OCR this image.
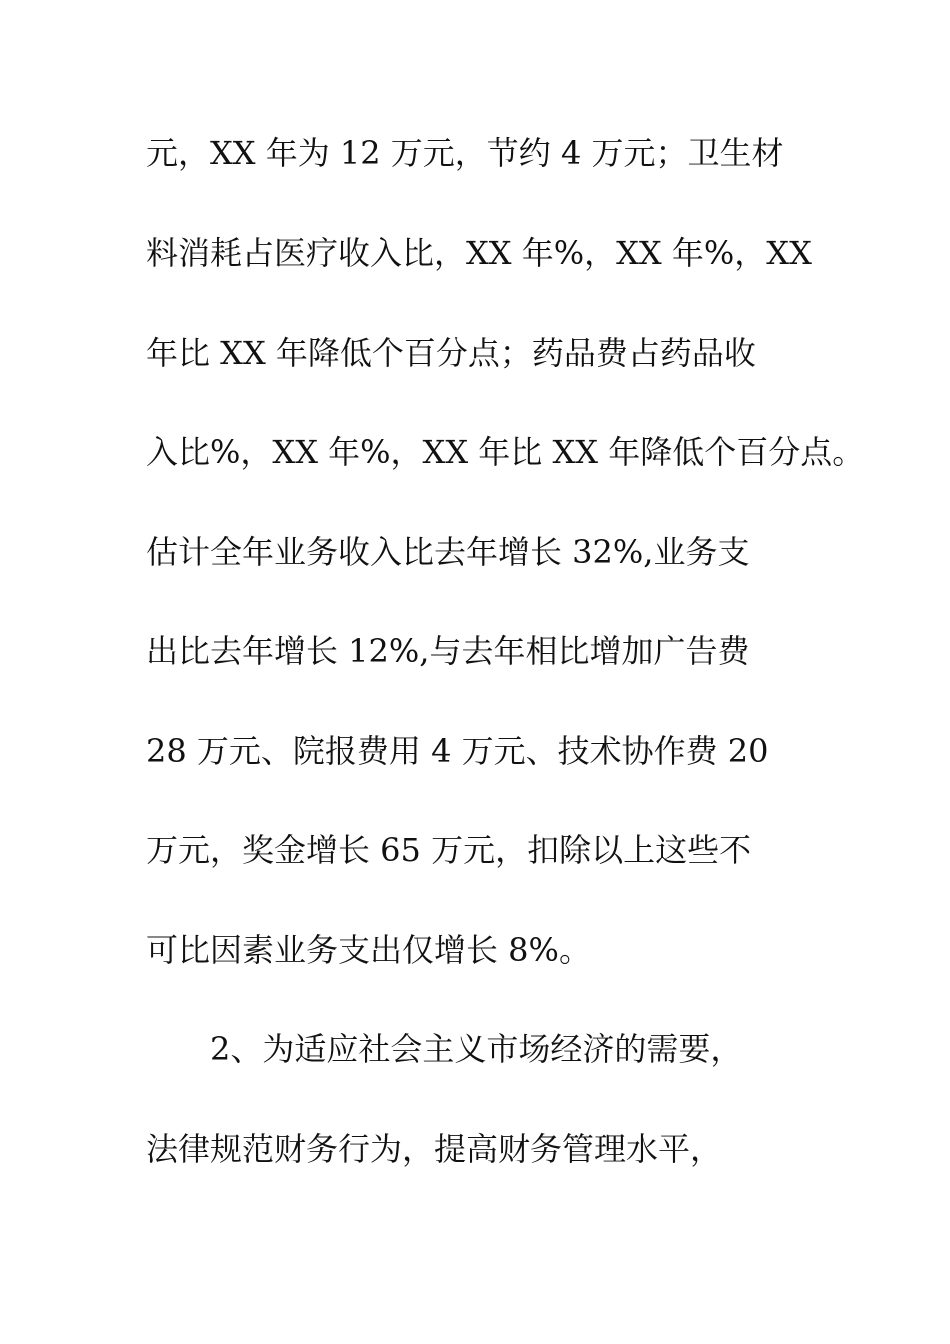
元，XX 年为 12 万元，节约 4 万元；卫生材
料消耗占医疗收入比，XX 年%，XX 年%，XX
年比 XX 年降低个百分点；药品费占药品收
入比%，XX 年%，XX 年比 XX 年降低个百分点。
估计全年业务收入比去年增长 32%,业务支
出比去年增长 12%,与去年相比增加广告费
28 万元、院报费用 4 万元、技术协作费 20
万元，奖金增长 65 万元，扣除以上这些不
可比因素业务支出仅增长 8%。
2、为适应社会主义市场经济的需要，
法律规范财务行为，提高财务管理水平，
